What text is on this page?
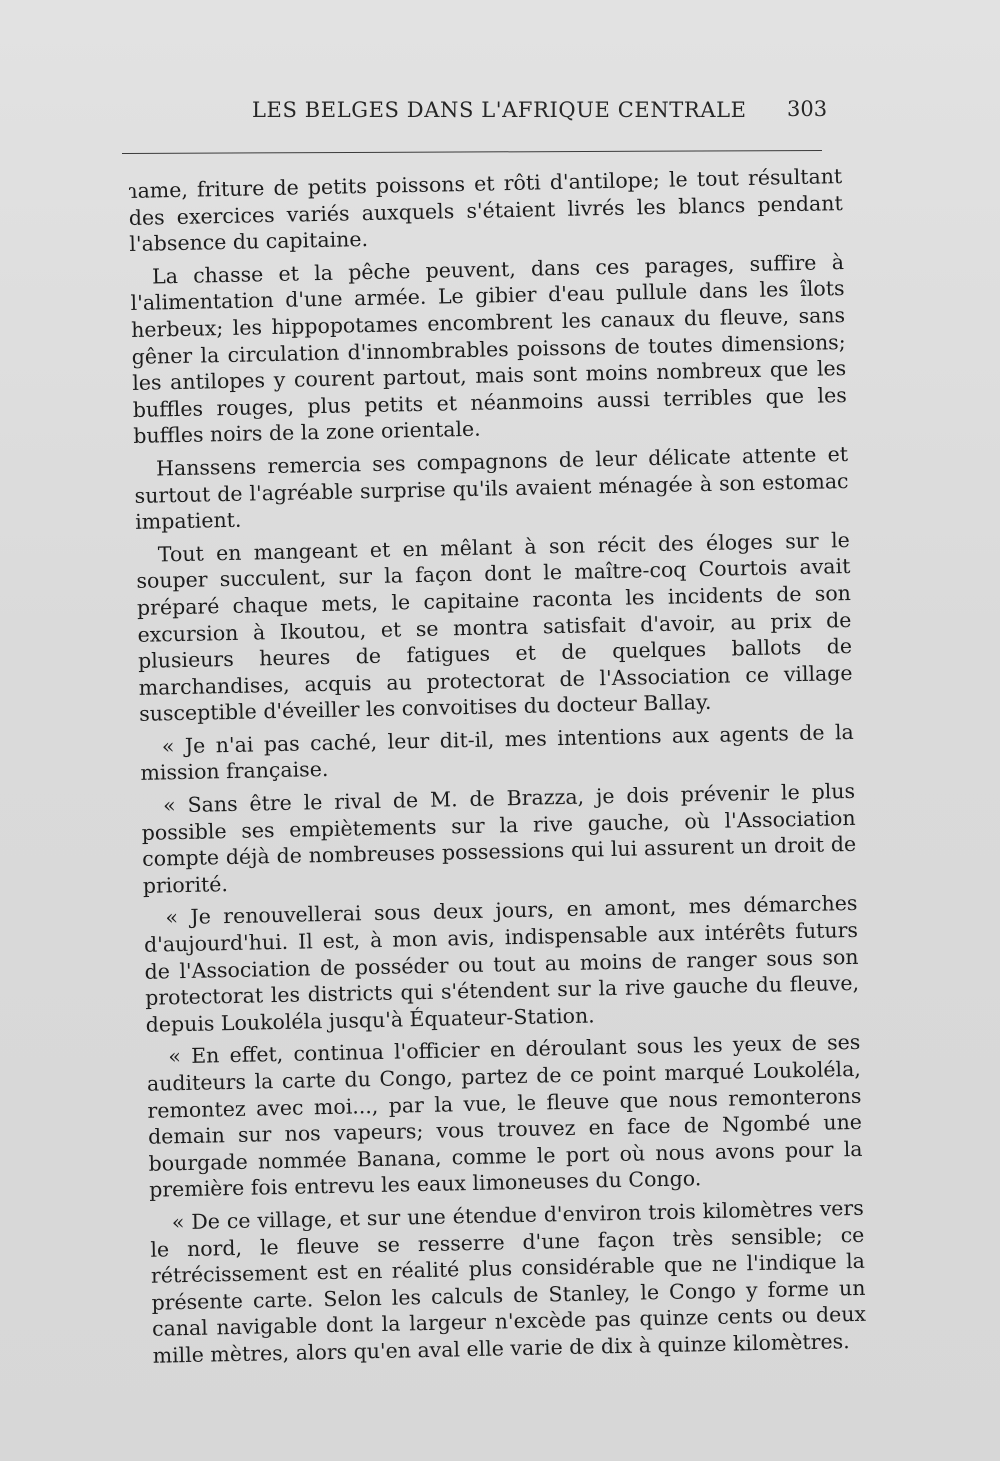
LES BELGES DANS L'AFRIQUE CENTRALE 303

ɿame, friture de petits poissons et rôti d'antilope; le tout résultant des exercices variés auxquels s'étaient livrés les blancs pendant l'absence du capitaine.

La chasse et la pêche peuvent, dans ces parages, suffire à l'alimentation d'une armée. Le gibier d'eau pullule dans les îlots herbeux; les hippopotames encombrent les canaux du fleuve, sans gêner la circulation d'innombrables poissons de toutes dimensions; les antilopes y courent partout, mais sont moins nombreux que les buffles rouges, plus petits et néanmoins aussi terribles que les buffles noirs de la zone orientale.

Hanssens remercia ses compagnons de leur délicate attente et surtout de l'agréable surprise qu'ils avaient ménagée à son estomac impatient.

Tout en mangeant et en mêlant à son récit des éloges sur le souper succulent, sur la façon dont le maître-coq Courtois avait préparé chaque mets, le capitaine raconta les incidents de son excursion à Ikoutou, et se montra satisfait d'avoir, au prix de plusieurs heures de fatigues et de quelques ballots de marchandises, acquis au protectorat de l'Association ce village susceptible d'éveiller les convoitises du docteur Ballay.

« Je n'ai pas caché, leur dit-il, mes intentions aux agents de la mission française.

« Sans être le rival de M. de Brazza, je dois prévenir le plus possible ses empiètements sur la rive gauche, où l'Association compte déjà de nombreuses possessions qui lui assurent un droit de priorité.

« Je renouvellerai sous deux jours, en amont, mes démarches d'aujourd'hui. Il est, à mon avis, indispensable aux intérêts futurs de l'Association de posséder ou tout au moins de ranger sous son protectorat les districts qui s'étendent sur la rive gauche du fleuve, depuis Loukoléla jusqu'à Équateur-Station.

« En effet, continua l'officier en déroulant sous les yeux de ses auditeurs la carte du Congo, partez de ce point marqué Loukoléla, remontez avec moi..., par la vue, le fleuve que nous remonterons demain sur nos vapeurs; vous trouvez en face de Ngombé une bourgade nommée Banana, comme le port où nous avons pour la première fois entrevu les eaux limoneuses du Congo.

« De ce village, et sur une étendue d'environ trois kilomètres vers le nord, le fleuve se resserre d'une façon très sensible; ce rétrécissement est en réalité plus considérable que ne l'indique la présente carte. Selon les calculs de Stanley, le Congo y forme un canal navigable dont la largeur n'excède pas quinze cents ou deux mille mètres, alors qu'en aval elle varie de dix à quinze kilomètres.
